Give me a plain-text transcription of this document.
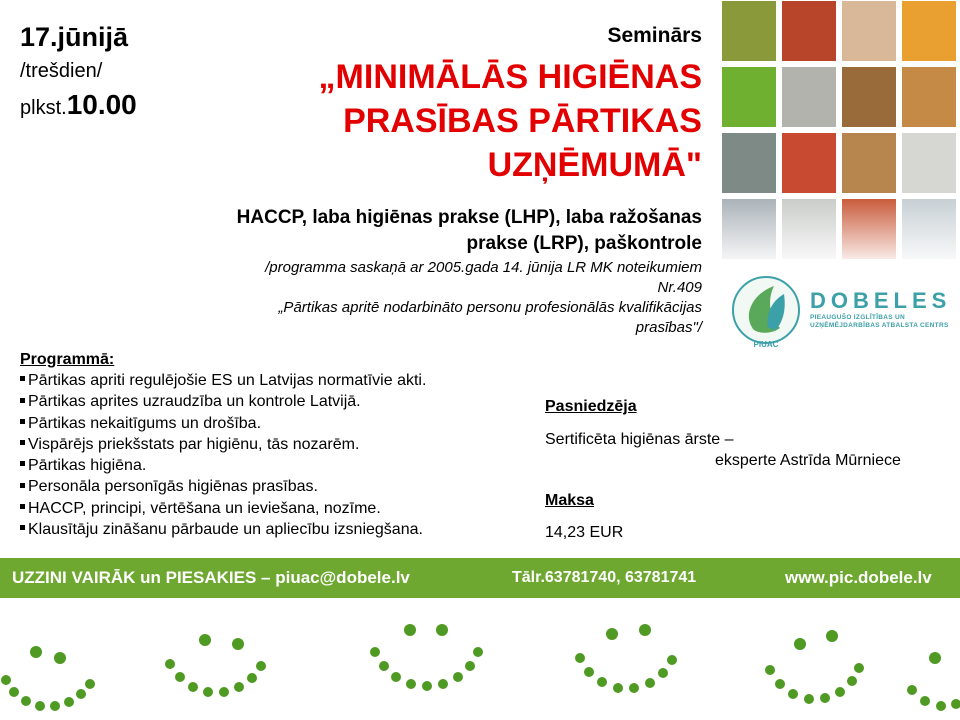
17.jūnijā
/trešdien/
plkst.10.00
Seminārs
„MINIMĀLĀS HIGIĒNAS
PRASĪBAS PĀRTIKAS
UZŅĒMUMĀ"
HACCP, laba higiēnas prakse (LHP), laba ražošanas
prakse (LRP), paškontrole
/programma saskaņā ar 2005.gada 14. jūnija LR MK noteikumiem
Nr.409
„Pārtikas apritē nodarbināto personu profesionālās kvalifikācijas
prasības"/
PIUAC
DOBELES
PIEAUGUŠO IZGLĪTĪBAS UN
UZŅĒMĒJDARBĪBAS ATBALSTA CENTRS
Programmā:
Pārtikas apriti regulējošie ES un Latvijas normatīvie akti.
Pārtikas aprites uzraudzība un kontrole Latvijā.
Pārtikas nekaitīgums un drošība.
Vispārējs priekšstats par higiēnu, tās nozarēm.
Pārtikas higiēna.
Personāla personīgās higiēnas prasības.
HACCP, principi, vērtēšana un ieviešana, nozīme.
Klausītāju zināšanu pārbaude un apliecību izsniegšana.
Pasniedzēja
Sertificēta higiēnas ārste –
eksperte Astrīda Mūrniece
Maksa
14,23 EUR
UZZINI VAIRĀK un PIESAKIES – piuac@dobele.lv	Tālr.63781740, 63781741	www.pic.dobele.lv
